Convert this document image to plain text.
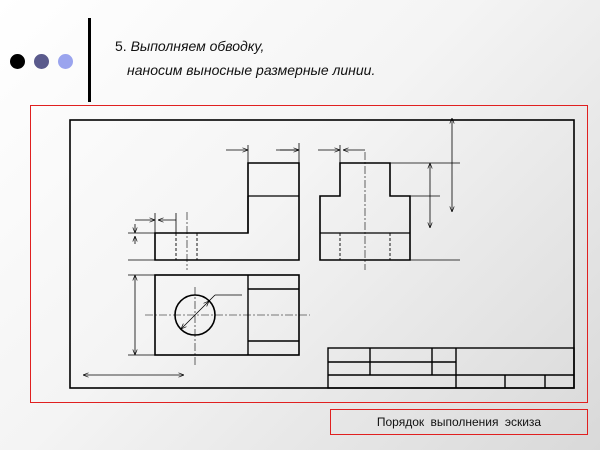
5. Выполняем обводку,
наносим выносные размерные линии.
Порядок выполнения эскиза
